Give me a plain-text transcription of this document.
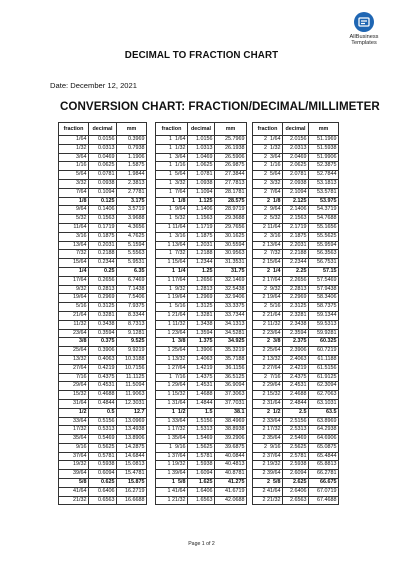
AllBusiness
Templates
DECIMAL TO FRACTION CHART
Date: December 12, 2021
CONVERSION CHART: FRACTION/DECIMAL/MILLIMETER
fraction	decimal	mm
1/64	0.0156	0.3969
1/32	0.0313	0.7938
3/64	0.0469	1.1906
1/16	0.0625	1.5875
5/64	0.0781	1.9844
3/32	0.0938	2.3813
7/64	0.1094	2.7781
1/8	0.125	3.175
9/64	0.1406	3.5719
5/32	0.1563	3.9688
11/64	0.1719	4.3656
3/16	0.1875	4.7625
13/64	0.2031	5.1594
7/32	0.2188	5.5563
15/64	0.2344	5.9531
1/4	0.25	6.35
17/64	0.2656	6.7469
9/32	0.2813	7.1438
19/64	0.2969	7.5406
5/16	0.3125	7.9375
21/64	0.3281	8.3344
11/32	0.3438	8.7313
23/64	0.3594	9.1281
3/8	0.375	9.525
25/64	0.3906	9.9219
13/32	0.4063	10.3188
27/64	0.4219	10.7156
7/16	0.4375	11.1125
29/64	0.4531	11.5094
15/32	0.4688	11.9063
31/64	0.4844	12.3031
1/2	0.5	12.7
33/64	0.5156	13.0969
17/32	0.5313	13.4938
35/64	0.5469	13.8906
9/16	0.5625	14.2875
37/64	0.5781	14.6844
19/32	0.5938	15.0813
39/64	0.6094	15.4781
5/8	0.625	15.875
41/64	0.6406	16.2719
21/32	0.6563	16.6688
fraction	decimal	mm
1  1/64	1.0156	25.7969
1  1/32	1.0313	26.1938
1  3/64	1.0469	26.5906
1  1/16	1.0625	26.9875
1  5/64	1.0781	27.3844
1  3/32	1.0938	27.7813
1  7/64	1.1094	28.1781
1  1/8	1.125	28.575
1  9/64	1.1406	28.9719
1  5/32	1.1563	29.3688
1 11/64	1.1719	29.7656
1  3/16	1.1875	30.1625
1 13/64	1.2031	30.5594
1  7/32	1.2188	30.9563
1 15/64	1.2344	31.3531
1  1/4	1.25	31.75
1 17/64	1.2656	32.1469
1  9/32	1.2813	32.5438
1 19/64	1.2969	32.9406
1  5/16	1.3125	33.3375
1 21/64	1.3281	33.7344
1 11/32	1.3438	34.1313
1 23/64	1.3594	34.5281
1  3/8	1.375	34.925
1 25/64	1.3906	35.3219
1 13/32	1.4063	35.7188
1 27/64	1.4219	36.1156
1  7/16	1.4375	36.5125
1 29/64	1.4531	36.9094
1 15/32	1.4688	37.3063
1 31/64	1.4844	37.7031
1  1/2	1.5	38.1
1 33/64	1.5156	38.4969
1 17/32	1.5313	38.8938
1 35/64	1.5469	39.2906
1  9/16	1.5625	39.6875
1 37/64	1.5781	40.0844
1 19/32	1.5938	40.4813
1 39/64	1.6094	40.8781
1  5/8	1.625	41.275
1 41/64	1.6406	41.6719
1 21/32	1.6563	42.0688
fraction	decimal	mm
2  1/64	2.0156	51.1969
2  1/32	2.0313	51.5938
2  3/64	2.0469	51.9906
2  1/16	2.0625	52.3875
2  5/64	2.0781	52.7844
2  3/32	2.0938	53.1813
2  7/64	2.1094	53.5781
2  1/8	2.125	53.975
2  9/64	2.1406	54.3719
2  5/32	2.1563	54.7688
2 11/64	2.1719	55.1656
2  3/16	2.1875	55.5625
2 13/64	2.2031	55.9594
2  7/32	2.2188	56.3563
2 15/64	2.2344	56.7531
2  1/4	2.25	57.15
2 17/64	2.2656	57.5469
2  9/32	2.2813	57.9438
2 19/64	2.2969	58.3406
2  5/16	2.3125	58.7375
2 21/64	2.3281	59.1344
2 11/32	2.3438	59.5313
2 23/64	2.3594	59.9281
2  3/8	2.375	60.325
2 25/64	2.3906	60.7219
2 13/32	2.4063	61.1188
2 27/64	2.4219	61.5156
2  7/16	2.4375	61.9125
2 29/64	2.4531	62.3094
2 15/32	2.4688	62.7063
2 31/64	2.4844	63.1031
2  1/2	2.5	63.5
2 33/64	2.5156	63.8969
2 17/32	2.5313	64.2938
2 35/64	2.5469	64.6906
2  9/16	2.5625	65.0875
2 37/64	2.5781	65.4844
2 19/32	2.5938	65.8813
2 39/64	2.6094	66.2781
2  5/8	2.625	66.675
2 41/64	2.6406	67.0719
2 21/32	2.6563	67.4688
Page 1 of 2
